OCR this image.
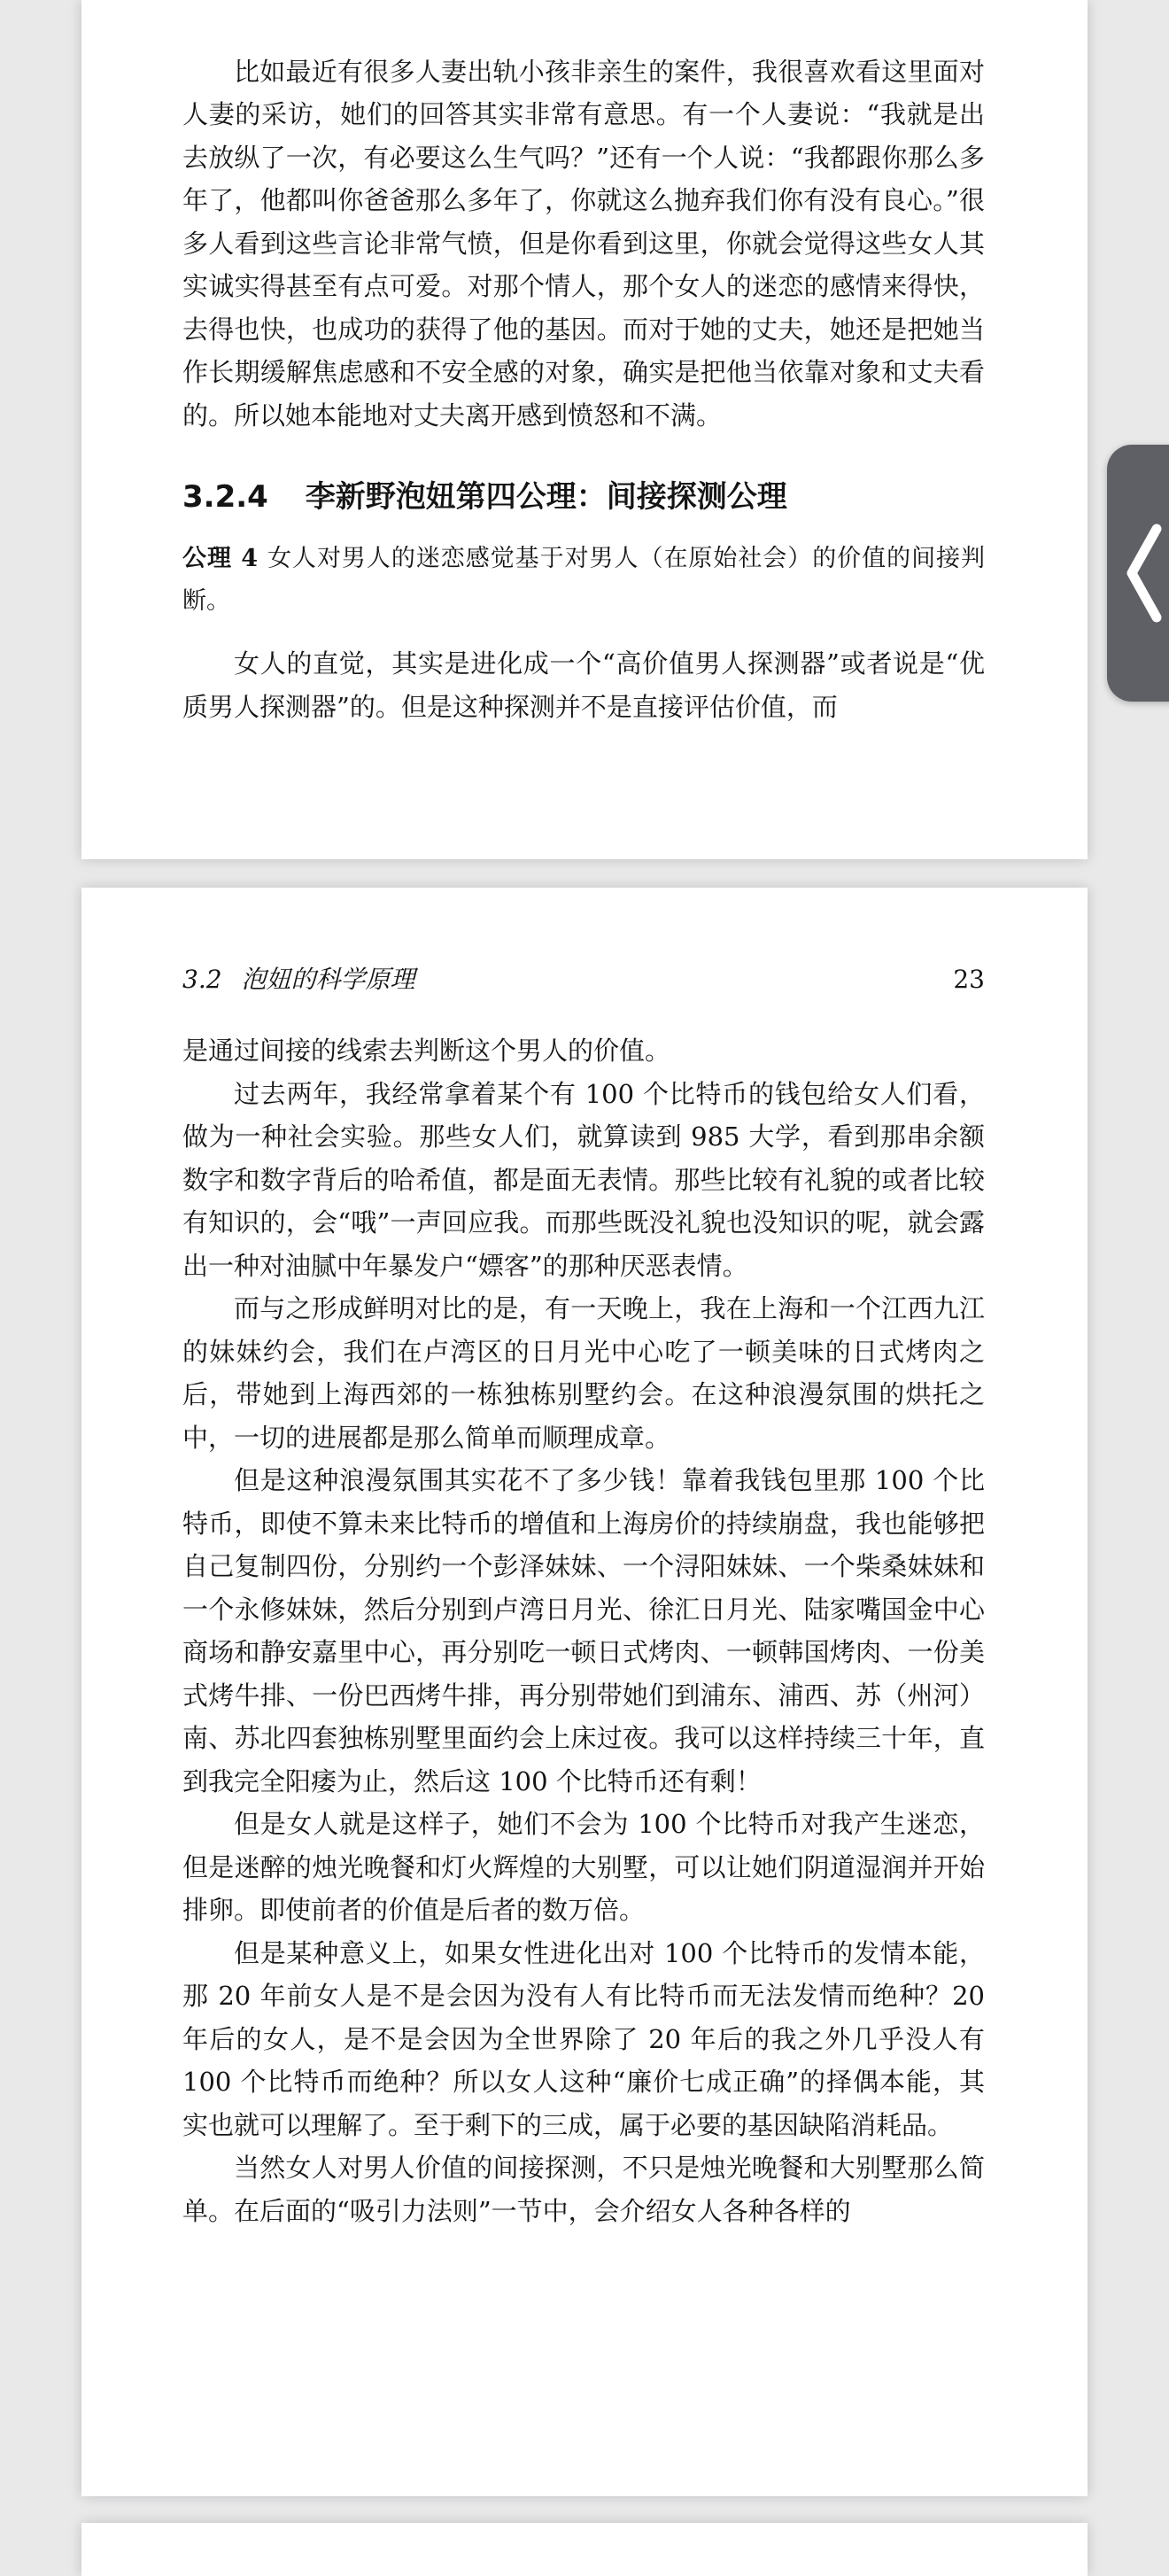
比如最近有很多人妻出轨小孩非亲生的案件，我很喜欢看这里面对人妻的采访，她们的回答其实非常有意思。有一个人妻说：“我就是出去放纵了一次，有必要这么生气吗？”还有一个人说：“我都跟你那么多年了，他都叫你爸爸那么多年了，你就这么抛弃我们你有没有良心。”很多人看到这些言论非常气愤，但是你看到这里，你就会觉得这些女人其实诚实得甚至有点可爱。对那个情人，那个女人的迷恋的感情来得快，去得也快，也成功的获得了他的基因。而对于她的丈夫，她还是把她当作长期缓解焦虑感和不安全感的对象，确实是把他当依靠对象和丈夫看的。所以她本能地对丈夫离开感到愤怒和不满。

3.2.4 李新野泡妞第四公理：间接探测公理
公理 4 女人对男人的迷恋感觉基于对男人（在原始社会）的价值的间接判断。

女人的直觉，其实是进化成一个“高价值男人探测器”或者说是“优质男人探测器”的。但是这种探测并不是直接评估价值，而

3.2 泡妞的科学原理	23

是通过间接的线索去判断这个男人的价值。

过去两年，我经常拿着某个有 100 个比特币的钱包给女人们看，做为一种社会实验。那些女人们，就算读到 985 大学，看到那串余额数字和数字背后的哈希值，都是面无表情。那些比较有礼貌的或者比较有知识的，会“哦”一声回应我。而那些既没礼貌也没知识的呢，就会露出一种对油腻中年暴发户“嫖客”的那种厌恶表情。

而与之形成鲜明对比的是，有一天晚上，我在上海和一个江西九江的妹妹约会，我们在卢湾区的日月光中心吃了一顿美味的日式烤肉之后，带她到上海西郊的一栋独栋别墅约会。在这种浪漫氛围的烘托之中，一切的进展都是那么简单而顺理成章。

但是这种浪漫氛围其实花不了多少钱！靠着我钱包里那 100 个比特币，即使不算未来比特币的增值和上海房价的持续崩盘，我也能够把自己复制四份，分别约一个彭泽妹妹、一个浔阳妹妹、一个柴桑妹妹和一个永修妹妹，然后分别到卢湾日月光、徐汇日月光、陆家嘴国金中心商场和静安嘉里中心，再分别吃一顿日式烤肉、一顿韩国烤肉、一份美式烤牛排、一份巴西烤牛排，再分别带她们到浦东、浦西、苏（州河）南、苏北四套独栋别墅里面约会上床过夜。我可以这样持续三十年，直到我完全阳痿为止，然后这 100 个比特币还有剩！

但是女人就是这样子，她们不会为 100 个比特币对我产生迷恋，但是迷醉的烛光晚餐和灯火辉煌的大别墅，可以让她们阴道湿润并开始排卵。即使前者的价值是后者的数万倍。

但是某种意义上，如果女性进化出对 100 个比特币的发情本能，那 20 年前女人是不是会因为没有人有比特币而无法发情而绝种？20 年后的女人，是不是会因为全世界除了 20 年后的我之外几乎没人有 100 个比特币而绝种？所以女人这种“廉价七成正确”的择偶本能，其实也就可以理解了。至于剩下的三成，属于必要的基因缺陷消耗品。

当然女人对男人价值的间接探测，不只是烛光晚餐和大别墅那么简单。在后面的“吸引力法则”一节中，会介绍女人各种各样的
